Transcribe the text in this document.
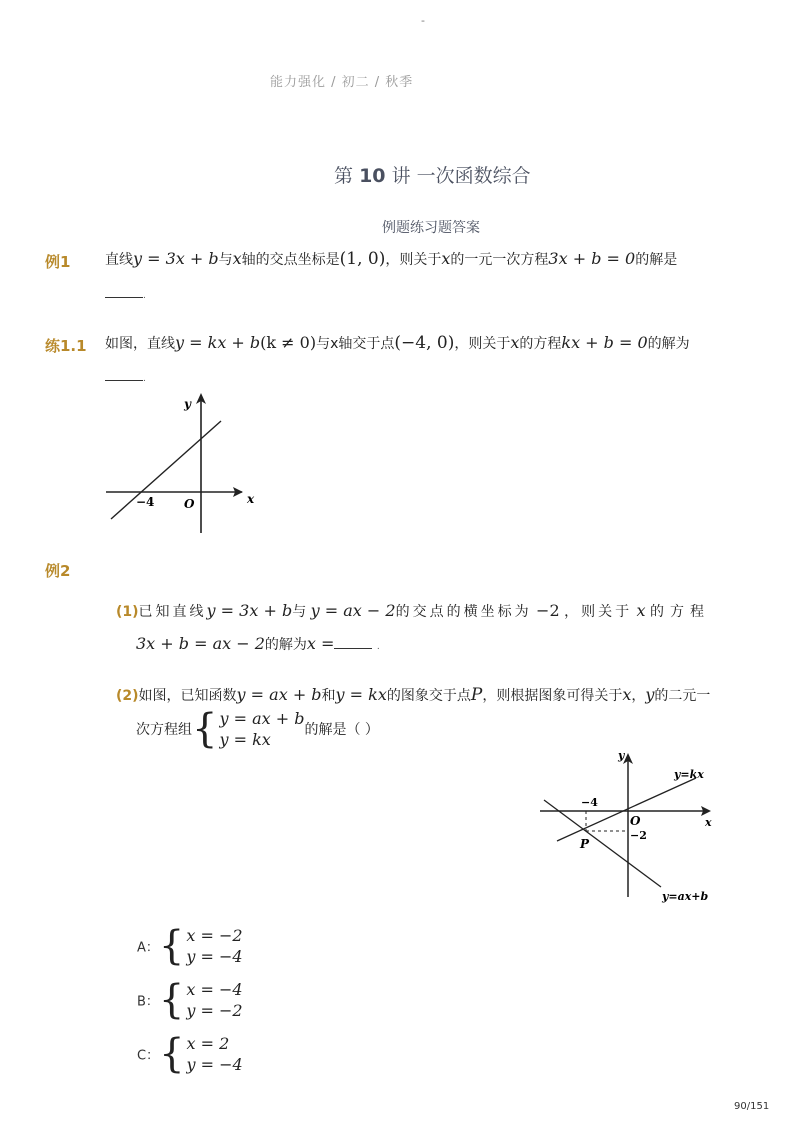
-
能力强化 / 初二 / 秋季
第 10 讲 一次函数综合
例题练习题答案
例1 直线y = 3x + b与x轴的交点坐标是(1, 0)，则关于x的一元一次方程3x + b = 0的解是
.
练1.1 如图，直线y = kx + b(k ≠ 0)与x轴交于点(−4, 0)，则关于x的方程kx + b = 0的解为
.
y
x
−4 O
例2
(1)已知直线y = 3x + b与 y = ax − 2的交点的横坐标为 −2 ，则关于 x 的方程
3x + b = ax − 2的解为x =	.
(2)如图，已知函数y = ax + b和y = kx的图象交于点P，则根据图象可得关于x，y的二元一
次方程组{ y = ax + b
y = kx 的解是（ ）
y
x
y=kx
y=ax+b
−4
−2
O
P
A：{ x = −2
y = −4
B：{ x = −4
y = −2
C：{ x = 2
y = −4
90/151
